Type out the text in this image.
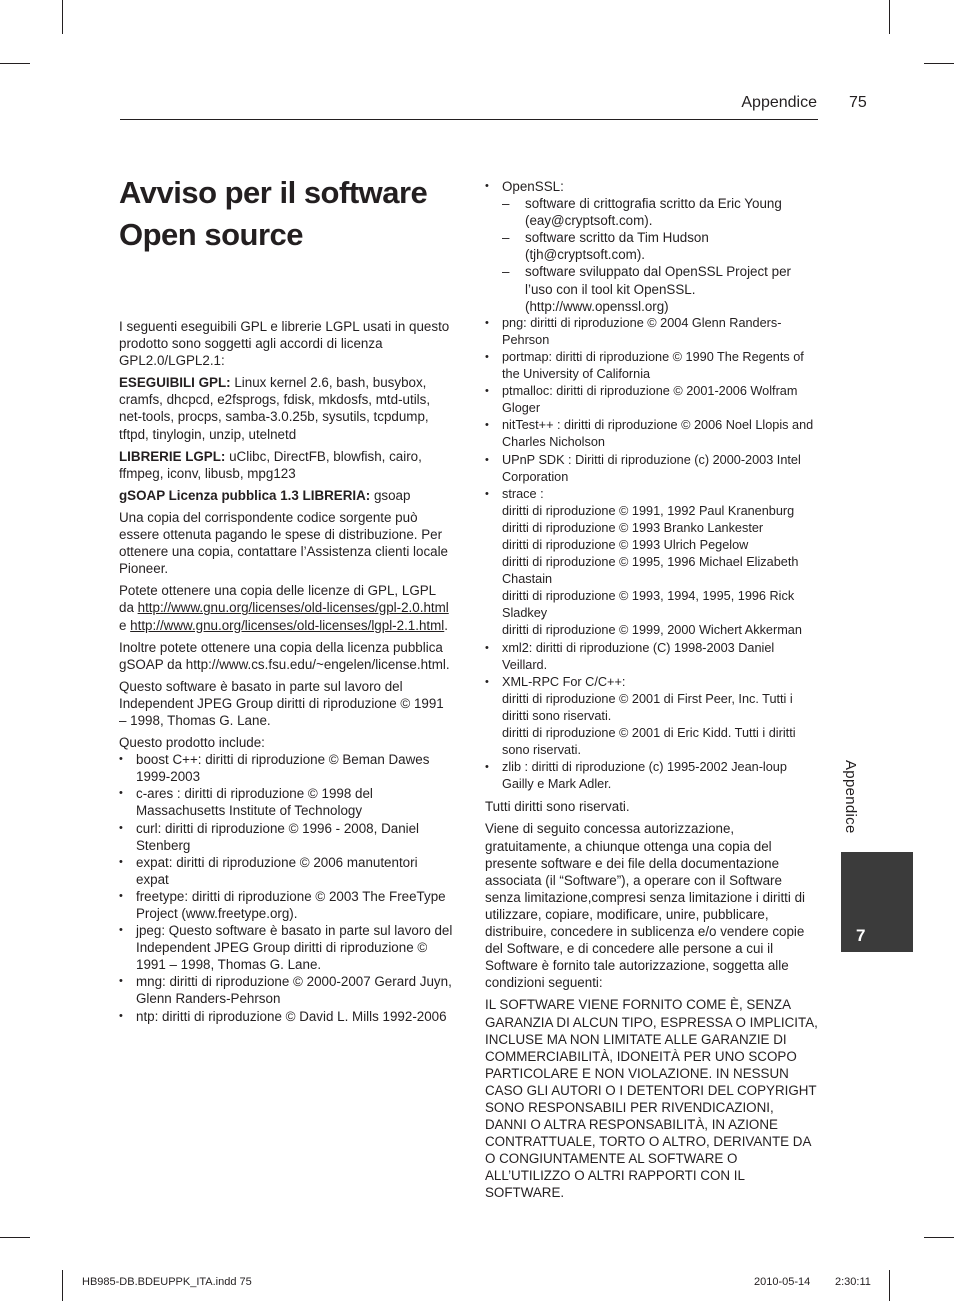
Appendice 75
Avviso per il software Open source

I seguenti eseguibili GPL e librerie LGPL usati in questo prodotto sono soggetti agli accordi di licenza GPL2.0/LGPL2.1:

ESEGUIBILI GPL: Linux kernel 2.6, bash, busybox, cramfs, dhcpcd, e2fsprogs, fdisk, mkdosfs, mtd-utils, net-tools, procps, samba-3.0.25b, sysutils, tcpdump, tftpd, tinylogin, unzip, utelnetd

LIBRERIE LGPL: uClibc, DirectFB, blowfish, cairo, ffmpeg, iconv, libusb, mpg123

gSOAP Licenza pubblica 1.3 LIBRERIA: gsoap

Una copia del corrispondente codice sorgente può essere ottenuta pagando le spese di distribuzione. Per ottenere una copia, contattare l’Assistenza clienti locale Pioneer.

Potete ottenere una copia delle licenze di GPL, LGPL da http://www.gnu.org/licenses/old-licenses/gpl-2.0.html e http://www.gnu.org/licenses/old-licenses/lgpl-2.1.html.

Inoltre potete ottenere una copia della licenza pubblica gSOAP da http://www.cs.fsu.edu/~engelen/license.html.

Questo software è basato in parte sul lavoro del Independent JPEG Group diritti di riproduzione © 1991 – 1998, Thomas G. Lane.

Questo prodotto include:

• boost C++: diritti di riproduzione © Beman Dawes 1999-2003
• c-ares : diritti di riproduzione © 1998 del Massachusetts Institute of Technology
• curl: diritti di riproduzione © 1996 - 2008, Daniel Stenberg
• expat: diritti di riproduzione © 2006 manutentori expat
• freetype: diritti di riproduzione © 2003 The FreeType Project (www.freetype.org).
• jpeg: Questo software è basato in parte sul lavoro del Independent JPEG Group diritti di riproduzione © 1991 – 1998, Thomas G. Lane.
• mng: diritti di riproduzione © 2000-2007 Gerard Juyn, Glenn Randers-Pehrson
• ntp: diritti di riproduzione © David L. Mills 1992-2006
• OpenSSL:
– software di crittografia scritto da Eric Young (eay@cryptsoft.com).
– software scritto da Tim Hudson (tjh@cryptsoft.com).
– software sviluppato dal OpenSSL Project per l’uso con il tool kit OpenSSL. (http://www.openssl.org)
• png: diritti di riproduzione © 2004 Glenn Randers-Pehrson
• portmap: diritti di riproduzione © 1990 The Regents of the University of California
• ptmalloc: diritti di riproduzione © 2001-2006 Wolfram Gloger
• nitTest++ : diritti di riproduzione © 2006 Noel Llopis and Charles Nicholson
• UPnP SDK : Diritti di riproduzione (c) 2000-2003 Intel Corporation
• strace :
diritti di riproduzione © 1991, 1992 Paul Kranenburg
diritti di riproduzione © 1993 Branko Lankester
diritti di riproduzione © 1993 Ulrich Pegelow
diritti di riproduzione © 1995, 1996 Michael Elizabeth Chastain
diritti di riproduzione © 1993, 1994, 1995, 1996 Rick Sladkey
diritti di riproduzione © 1999, 2000 Wichert Akkerman
• xml2: diritti di riproduzione (C) 1998-2003 Daniel Veillard.
• XML-RPC For C/C++:
diritti di riproduzione © 2001 di First Peer, Inc. Tutti i diritti sono riservati.
diritti di riproduzione © 2001 di Eric Kidd. Tutti i diritti sono riservati.
• zlib : diritti di riproduzione (c) 1995-2002 Jean-loup Gailly e Mark Adler.

Tutti diritti sono riservati.

Viene di seguito concessa autorizzazione, gratuitamente, a chiunque ottenga una copia del presente software e dei file della documentazione associata (il “Software”), a operare con il Software senza limitazione,compresi senza limitazione i diritti di utilizzare, copiare, modificare, unire, pubblicare, distribuire, concedere in sublicenza e/o vendere copie del Software, e di concedere alle persone a cui il Software è fornito tale autorizzazione, soggetta alle condizioni seguenti:

IL SOFTWARE VIENE FORNITO COME È, SENZA GARANZIA DI ALCUN TIPO, ESPRESSA O IMPLICITA, INCLUSE MA NON LIMITATE ALLE GARANZIE DI COMMERCIABILITÀ, IDONEITÀ PER UNO SCOPO PARTICOLARE E NON VIOLAZIONE. IN NESSUN CASO GLI AUTORI O I DETENTORI DEL COPYRIGHT SONO RESPONSABILI PER RIVENDICAZIONI, DANNI O ALTRA RESPONSABILITÀ, IN AZIONE CONTRATTUALE, TORTO O ALTRO, DERIVANTE DA O CONGIUNTAMENTE AL SOFTWARE O ALL’UTILIZZO O ALTRI RAPPORTI CON IL SOFTWARE.

Appendice
7
HB985-DB.BDEUPPK_ITA.indd 75	2010-05-14 2:30:11
